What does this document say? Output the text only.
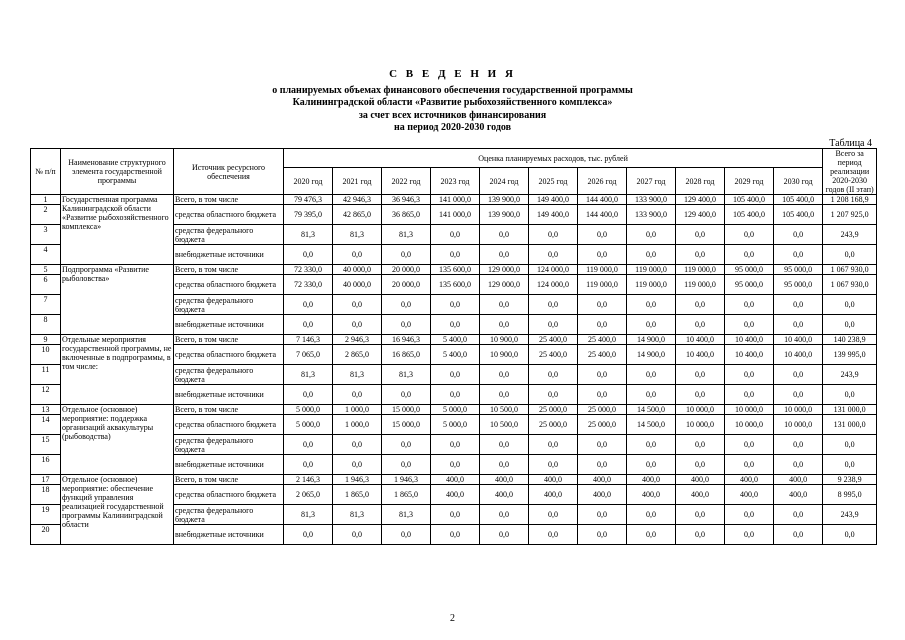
С В Е Д Е Н И Я
о планируемых объемах финансового обеспечения государственной программы
Калининградской области «Развитие рыбохозяйственного комплекса»
за счет всех источников финансирования
на период 2020-2030 годов
Таблица 4
№ п/п	Наименование структурного элемента государственной программы	Источник ресурсного обеспечения	Оценка планируемых расходов, тыс. рублей											Всего за период реализации 2020-2030 годов (II этап)
			2020 год	2021 год	2022 год	2023 год	2024 год	2025 год	2026 год	2027 год	2028 год	2029 год	2030 год	
1	Государственная программа Калининградской области «Развитие рыбохозяйственного комплекса»	Всего, в том числе	79 476,3	42 946,3	36 946,3	141 000,0	139 900,0	149 400,0	144 400,0	133 900,0	129 400,0	105 400,0	105 400,0	1 208 168,9
2		средства областного бюджета	79 395,0	42 865,0	36 865,0	141 000,0	139 900,0	149 400,0	144 400,0	133 900,0	129 400,0	105 400,0	105 400,0	1 207 925,0
3		средства федерального бюджета	81,3	81,3	81,3	0,0	0,0	0,0	0,0	0,0	0,0	0,0	0,0	243,9
4		внебюджетные источники	0,0	0,0	0,0	0,0	0,0	0,0	0,0	0,0	0,0	0,0	0,0	0,0
5	Подпрограмма «Развитие рыболовства»	Всего, в том числе	72 330,0	40 000,0	20 000,0	135 600,0	129 000,0	124 000,0	119 000,0	119 000,0	119 000,0	95 000,0	95 000,0	1 067 930,0
6		средства областного бюджета	72 330,0	40 000,0	20 000,0	135 600,0	129 000,0	124 000,0	119 000,0	119 000,0	119 000,0	95 000,0	95 000,0	1 067 930,0
7		средства федерального бюджета	0,0	0,0	0,0	0,0	0,0	0,0	0,0	0,0	0,0	0,0	0,0	0,0
8		внебюджетные источники	0,0	0,0	0,0	0,0	0,0	0,0	0,0	0,0	0,0	0,0	0,0	0,0
9	Отдельные мероприятия государственной программы, не включенные в подпрограммы, в том числе:	Всего, в том числе	7 146,3	2 946,3	16 946,3	5 400,0	10 900,0	25 400,0	25 400,0	14 900,0	10 400,0	10 400,0	10 400,0	140 238,9
10		средства областного бюджета	7 065,0	2 865,0	16 865,0	5 400,0	10 900,0	25 400,0	25 400,0	14 900,0	10 400,0	10 400,0	10 400,0	139 995,0
11		средства федерального бюджета	81,3	81,3	81,3	0,0	0,0	0,0	0,0	0,0	0,0	0,0	0,0	243,9
12		внебюджетные источники	0,0	0,0	0,0	0,0	0,0	0,0	0,0	0,0	0,0	0,0	0,0	0,0
13	Отдельное (основное) мероприятие: поддержка организаций аквакультуры (рыбоводства)	Всего, в том числе	5 000,0	1 000,0	15 000,0	5 000,0	10 500,0	25 000,0	25 000,0	14 500,0	10 000,0	10 000,0	10 000,0	131 000,0
14		средства областного бюджета	5 000,0	1 000,0	15 000,0	5 000,0	10 500,0	25 000,0	25 000,0	14 500,0	10 000,0	10 000,0	10 000,0	131 000,0
15		средства федерального бюджета	0,0	0,0	0,0	0,0	0,0	0,0	0,0	0,0	0,0	0,0	0,0	0,0
16		внебюджетные источники	0,0	0,0	0,0	0,0	0,0	0,0	0,0	0,0	0,0	0,0	0,0	0,0
17	Отдельное (основное) мероприятие: обеспечение функций управления реализацией государственной программы Калининградской области	Всего, в том числе	2 146,3	1 946,3	1 946,3	400,0	400,0	400,0	400,0	400,0	400,0	400,0	400,0	9 238,9
18		средства областного бюджета	2 065,0	1 865,0	1 865,0	400,0	400,0	400,0	400,0	400,0	400,0	400,0	400,0	8 995,0
19		средства федерального бюджета	81,3	81,3	81,3	0,0	0,0	0,0	0,0	0,0	0,0	0,0	0,0	243,9
20		внебюджетные источники	0,0	0,0	0,0	0,0	0,0	0,0	0,0	0,0	0,0	0,0	0,0	0,0
2
